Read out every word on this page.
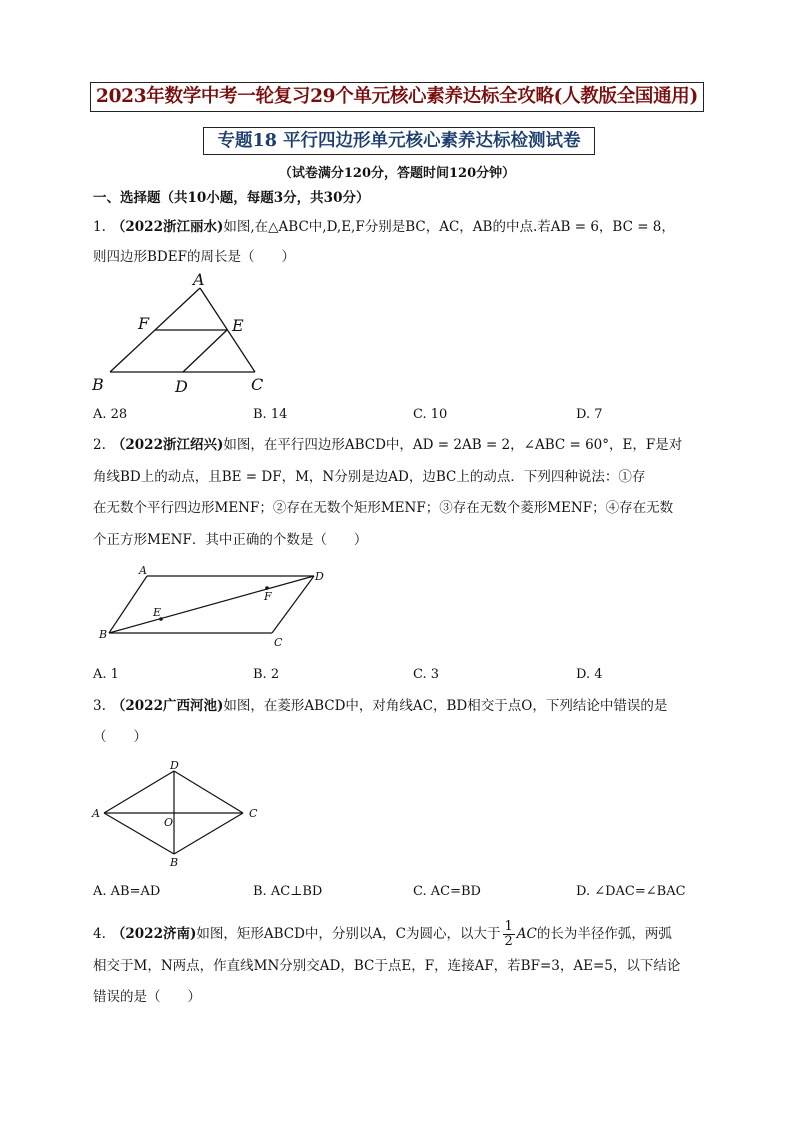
2023年数学中考一轮复习29个单元核心素养达标全攻略(人教版全国通用)
专题18 平行四边形单元核心素养达标检测试卷
（试卷满分120分，答题时间120分钟）
一、选择题（共10小题，每题3分，共30分）
1. （2022浙江丽水)如图,在△ABC中,D,E,F分别是BC，AC，AB的中点.若AB = 6，BC = 8，
则四边形BDEF的周长是（　　）
A
F	E
B	D	C
A. 28	B. 14	C. 10	D. 7
2. （2022浙江绍兴)如图，在平行四边形ABCD中，AD = 2AB = 2，∠ABC = 60°，E，F是对
角线BD上的动点，且BE = DF，M，N分别是边AD，边BC上的动点．下列四种说法：①存
在无数个平行四边形MENF；②存在无数个矩形MENF；③存在无数个菱形MENF；④存在无数
个正方形MENF．其中正确的个数是（　　）
A	D
E
F
B
C
A. 1	B. 2	C. 3	D. 4
3. （2022广西河池)如图，在菱形ABCD中，对角线AC，BD相交于点O，下列结论中错误的是
（　　）
D
A	C
O
B
A. AB=AD	B. AC⊥BD	C. AC=BD	D. ∠DAC=∠BAC
4. （2022济南)如图，矩形ABCD中，分别以A，C为圆心，以大于 $\frac{1}{2}$ AC的长为半径作弧，两弧
相交于M，N两点，作直线MN分别交AD，BC于点E，F，连接AF，若BF=3，AE=5，以下结论
错误的是（　　）
